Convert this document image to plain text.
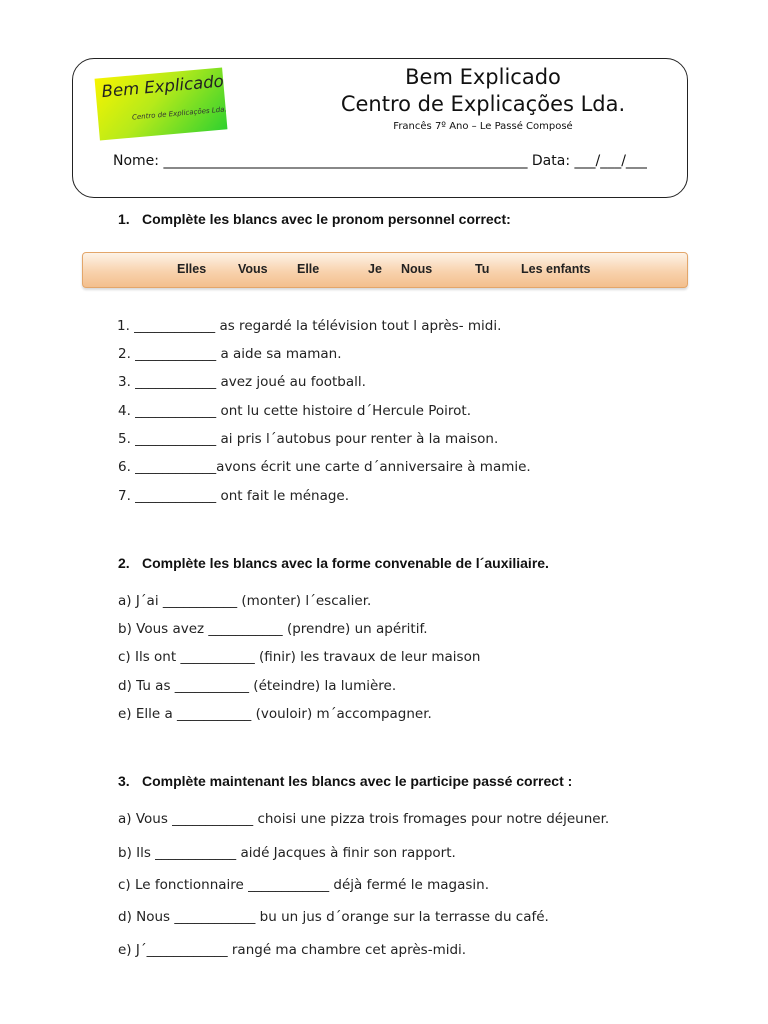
Bem Explicado
Centro de Explicações Lda.
Bem Explicado
Centro de Explicações Lda.
Francês 7º Ano – Le Passé Composé
Nome: ____________________________________________________ Data: ___/___/___
1. Complète les blancs avec le pronom personnel correct:
Elles	Vous Elle	Je Nous	Tu	Les enfants
1. ____________ as regardé la télévision tout l après- midi.
2. ____________ a aide sa maman.
3. ____________ avez joué au football.
4. ____________ ont lu cette histoire d´Hercule Poirot.
5. ____________ ai pris l´autobus pour renter à la maison.
6. ____________avons écrit une carte d´anniversaire à mamie.
7. ____________ ont fait le ménage.
2. Complète les blancs avec la forme convenable de l´auxiliaire.
a) J´ai ___________ (monter) l´escalier.
b) Vous avez ___________ (prendre) un apéritif.
c) Ils ont ___________ (finir) les travaux de leur maison
d) Tu as ___________ (éteindre) la lumière.
e) Elle a ___________ (vouloir) m´accompagner.
3. Complète maintenant les blancs avec le participe passé correct :
a) Vous ____________ choisi une pizza trois fromages pour notre déjeuner.
b) Ils ____________ aidé Jacques à finir son rapport.
c) Le fonctionnaire ____________ déjà fermé le magasin.
d) Nous ____________ bu un jus d´orange sur la terrasse du café.
e) J´____________ rangé ma chambre cet après-midi.
